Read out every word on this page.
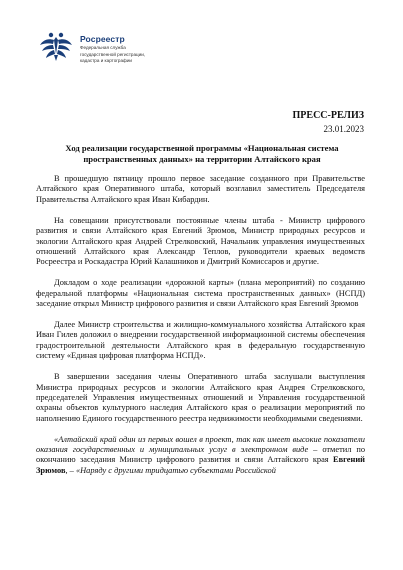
Росреестр
Федеральная служба
государственной регистрации,
кадастра и картографии
ПРЕСС-РЕЛИЗ
23.01.2023
Ход реализации государственной программы «Национальная система
пространственных данных» на территории Алтайского края

В прошедшую пятницу прошло первое заседание созданного при Правительстве Алтайского края Оперативного штаба, который возглавил заместитель Председателя Правительства Алтайского края Иван Кибардин.

На совещании присутствовали постоянные члены штаба - Министр цифрового развития и связи Алтайского края Евгений Зрюмов, Министр природных ресурсов и экологии Алтайского края Андрей Стрелковский, Начальник управления имущественных отношений Алтайского края Александр Теплов, руководители краевых ведомств Росреестра и Роскадастра Юрий Калашников и Дмитрий Комиссаров и другие.

Докладом о ходе реализации «дорожной карты» (плана мероприятий) по созданию федеральной платформы «Национальная система пространственных данных» (НСПД) заседание открыл Министр цифрового развития и связи Алтайского края Евгений Зрюмов

Далее Министр строительства и жилищно-коммунального хозяйства Алтайского края Иван Гилев доложил о внедрении государственной информационной системы обеспечения градостроительной деятельности Алтайского края в федеральную государственную систему «Единая цифровая платформа НСПД».

В завершении заседания члены Оперативного штаба заслушали выступления Министра природных ресурсов и экологии Алтайского края Андрея Стрелковского, председателей Управления имущественных отношений и Управления государственной охраны объектов культурного наследия Алтайского края о реализации мероприятий по наполнению Единого государственного реестра недвижимости необходимыми сведениями.

«Алтайский край один из первых вошел в проект, так как имеет высокие показатели оказания государственных и муниципальных услуг в электронном виде – отметил по окончанию заседания Министр цифрового развития и связи Алтайского края Евгений Зрюмов, – «Наряду с другими тридцатью субъектами Российской
